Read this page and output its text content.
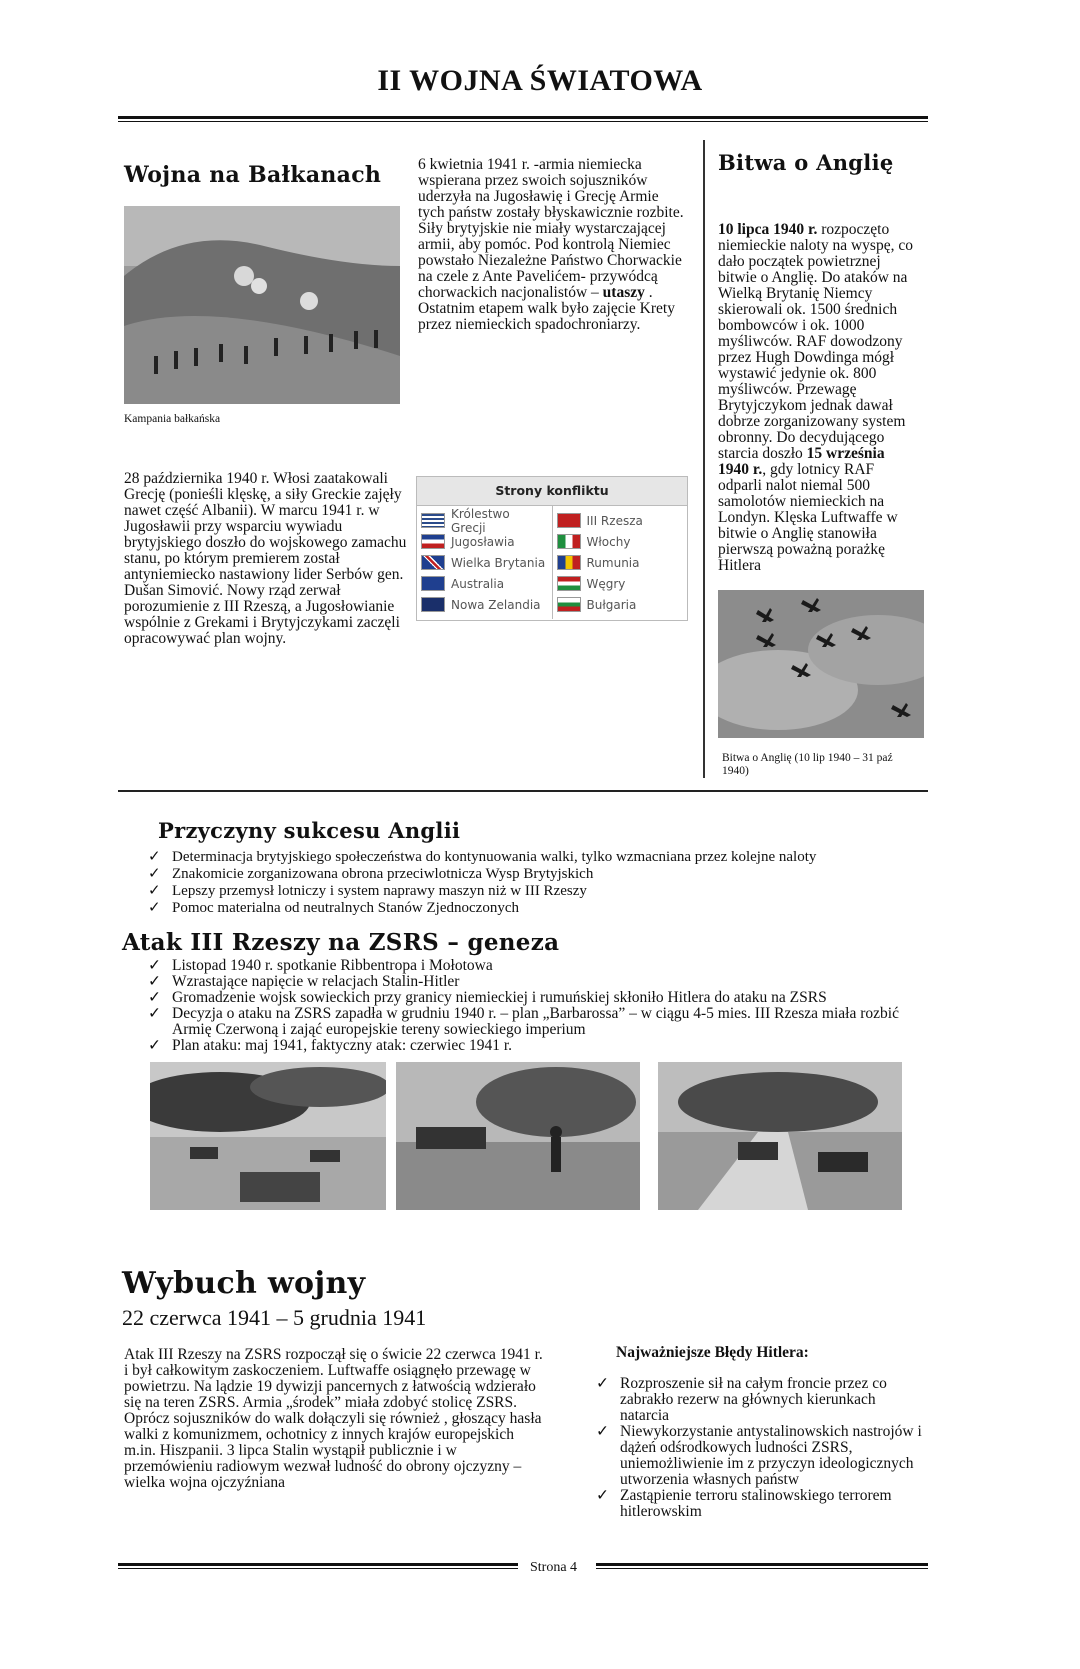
II WOJNA ŚWIATOWA
Wojna na Bałkanach
Kampania bałkańska
28 października 1940 r. Włosi zaatakowali Grecję (ponieśli klęskę, a siły Greckie zajęły nawet część Albanii). W marcu 1941 r. w Jugosławii przy wsparciu wywiadu brytyjskiego doszło do wojskowego zamachu stanu, po którym premierem został antyniemiecko nastawiony lider Serbów gen. Dušan Simović. Nowy rząd zerwał porozumienie z III Rzeszą, a Jugosłowianie wspólnie z Grekami i Brytyjczykami zaczęli opracowywać plan wojny.
6 kwietnia 1941 r. -armia niemiecka wspierana przez swoich sojuszników uderzyła na Jugosławię i Grecję Armie tych państw zostały błyskawicznie rozbite. Siły brytyjskie nie miały wystarczającej armii, aby pomóc. Pod kontrolą Niemiec powstało Niezależne Państwo Chorwackie na czele z Ante Pavelićem- przywódcą chorwackich nacjonalistów – utaszy . Ostatnim etapem walk było zajęcie Krety przez niemieckich spadochroniarzy.
Strony konfliktu
Królestwo Grecji
Jugosławia
Wielka Brytania
Australia
Nowa Zelandia
III Rzesza
Włochy
Rumunia
Węgry
Bułgaria
Bitwa o Anglię
10 lipca 1940 r. rozpoczęto niemieckie naloty na wyspę, co dało początek powietrznej bitwie o Anglię. Do ataków na Wielką Brytanię Niemcy skierowali ok. 1500 średnich bombowców i ok. 1000 myśliwców. RAF dowodzony przez Hugh Dowdinga mógł wystawić jedynie ok. 800 myśliwców. Przewagę Brytyjczykom jednak dawał dobrze zorganizowany system obronny. Do decydującego starcia doszło 15 września 1940 r., gdy lotnicy RAF odparli nalot niemal 500 samolotów niemieckich na Londyn. Klęska Luftwaffe w bitwie o Anglię stanowiła pierwszą poważną porażkę Hitlera
Bitwa o Anglię (10 lip 1940 – 31 paź 1940)
Przyczyny sukcesu Anglii
✓ Determinacja brytyjskiego społeczeństwa do kontynuowania walki, tylko wzmacniana przez kolejne naloty
✓ Znakomicie zorganizowana obrona przeciwlotnicza Wysp Brytyjskich
✓ Lepszy przemysł lotniczy i system naprawy maszyn niż w III Rzeszy
✓ Pomoc materialna od neutralnych Stanów Zjednoczonych
Atak III Rzeszy na ZSRS – geneza
✓ Listopad 1940 r. spotkanie Ribbentropa i Mołotowa
✓ Wzrastające napięcie w relacjach Stalin-Hitler
✓ Gromadzenie wojsk sowieckich przy granicy niemieckiej i rumuńskiej skłoniło Hitlera do ataku na ZSRS
✓ Decyzja o ataku na ZSRS zapadła w grudniu 1940 r. – plan „Barbarossa” – w ciągu 4-5 mies. III Rzesza miała rozbić Armię Czerwoną i zająć europejskie tereny sowieckiego imperium
✓ Plan ataku: maj 1941, faktyczny atak: czerwiec 1941 r.
Wybuch wojny
22 czerwca 1941 – 5 grudnia 1941
Atak III Rzeszy na ZSRS rozpoczął się o świcie 22 czerwca 1941 r. i był całkowitym zaskoczeniem. Luftwaffe osiągnęło przewagę w powietrzu. Na lądzie 19 dywizji pancernych z łatwością wdzierało się na teren ZSRS. Armia „środek” miała zdobyć stolicę ZSRS. Oprócz sojuszników do walk dołączyli się również , głoszący hasła walki z komunizmem, ochotnicy z innych krajów europejskich m.in. Hiszpanii. 3 lipca Stalin wystąpił publicznie i w przemówieniu radiowym wezwał ludność do obrony ojczyzny – wielka wojna ojczyźniana
Najważniejsze Błędy Hitlera:
✓ Rozproszenie sił na całym froncie przez co zabrakło rezerw na głównych kierunkach natarcia
✓ Niewykorzystanie antystalinowskich nastrojów i dążeń odśrodkowych ludności ZSRS, uniemożliwienie im z przyczyn ideologicznych utworzenia własnych państw
✓ Zastąpienie terroru stalinowskiego terrorem hitlerowskim
Strona 4
